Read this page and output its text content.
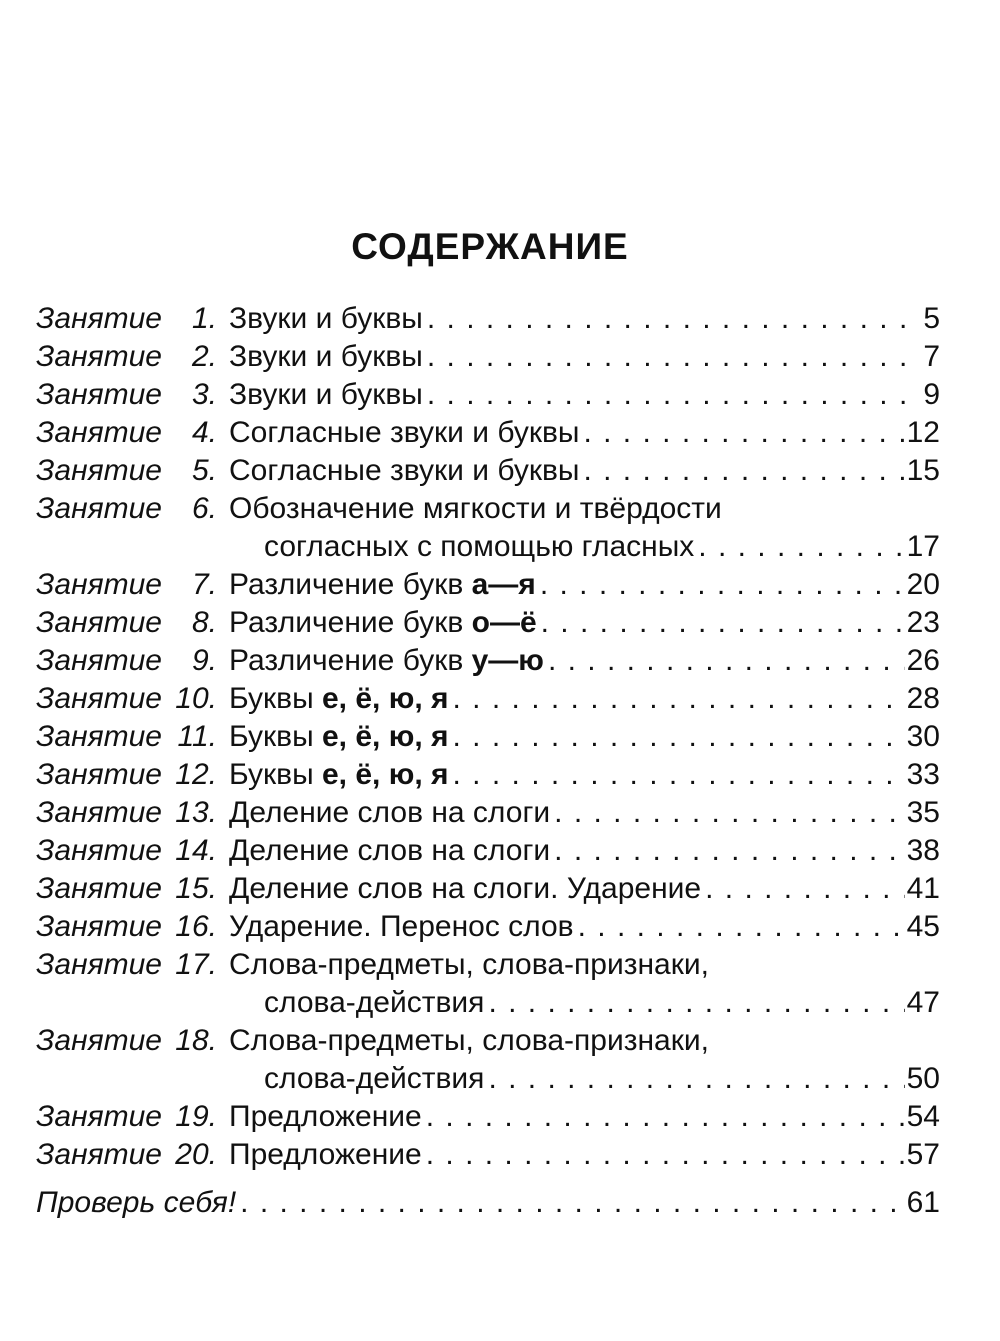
СОДЕРЖАНИЕ
Занятие 1. Звуки и буквы . . .	5
Занятие 2. Звуки и буквы . . .	7
Занятие 3. Звуки и буквы . . .	9
Занятие 4. Согласные звуки и буквы . . .	12
Занятие 5. Согласные звуки и буквы . . .	15
Занятие 6. Обозначение мягкости и твёрдости
согласных с помощью гласных . . .	17
Занятие 7. Различение букв а—я . . .	20
Занятие 8. Различение букв о—ё . . .	23
Занятие 9. Различение букв у—ю . . .	26
Занятие 10. Буквы е, ё, ю, я . . .	28
Занятие 11. Буквы е, ё, ю, я . . .	30
Занятие 12. Буквы е, ё, ю, я . . .	33
Занятие 13. Деление слов на слоги . . .	35
Занятие 14. Деление слов на слоги . . .	38
Занятие 15. Деление слов на слоги. Ударение . . .	41
Занятие 16. Ударение. Перенос слов . . .	45
Занятие 17. Слова-предметы, слова-признаки,
слова-действия . . .	47
Занятие 18. Слова-предметы, слова-признаки,
слова-действия . . .	50
Занятие 19. Предложение . . .	54
Занятие 20. Предложение . . .	57
Проверь себя! . . .	61
